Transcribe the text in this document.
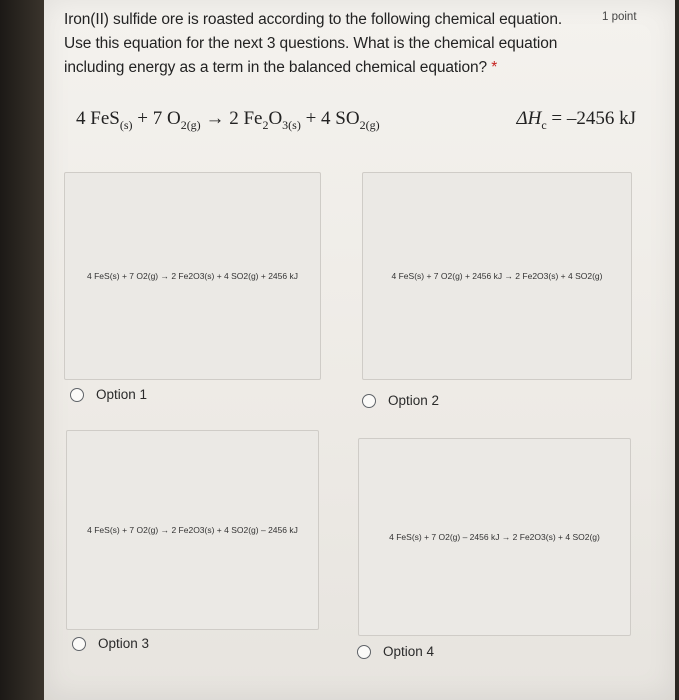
Iron(II) sulfide ore is roasted according to the following chemical equation. Use this equation for the next 3 questions. What is the chemical equation including energy as a term in the balanced chemical equation? *
1 point
4 FeS$_{(s)}$ + 7 $O_{2(g)} \to 2$ $Fe_2O_{3(s)} + 4$ $SO_{2(g)}$	$\Delta H_c = -2456$ kJ
4 FeS(s) + 7 O2(g) → 2 Fe2O3(s) + 4 SO2(g) + 2456 kJ
Option 1
4 FeS(s) + 7 O2(g) + 2456 kJ → 2 Fe2O3(s) + 4 SO2(g)
Option 2
4 FeS(s) + 7 O2(g) → 2 Fe2O3(s) + 4 SO2(g) – 2456 kJ
Option 3
4 FeS(s) + 7 O2(g) – 2456 kJ → 2 Fe2O3(s) + 4 SO2(g)
Option 4
